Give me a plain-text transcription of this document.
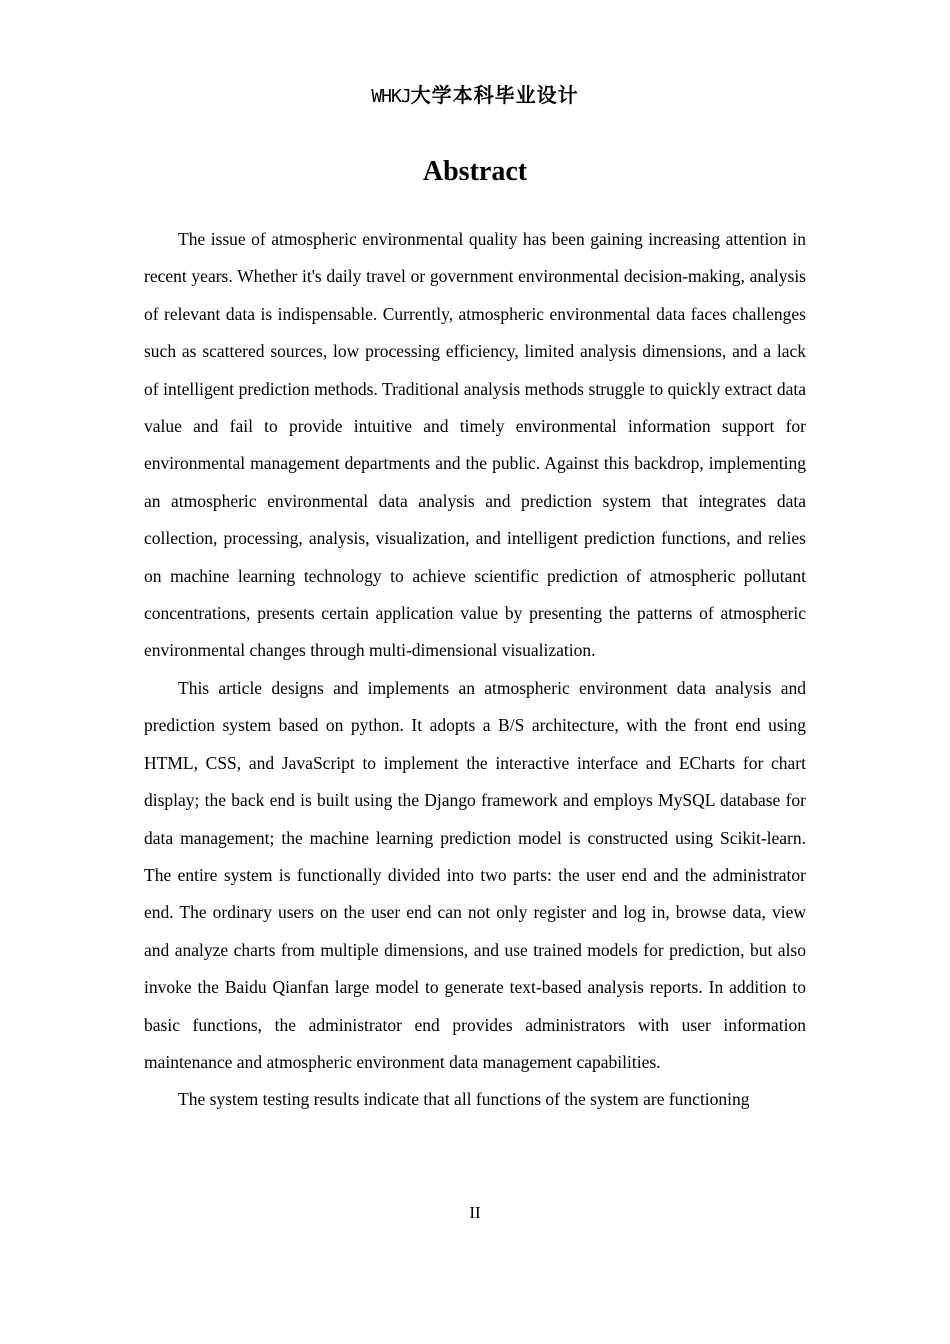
WHKJ大学本科毕业设计
Abstract

The issue of atmospheric environmental quality has been gaining increasing attention in recent years. Whether it's daily travel or government environmental decision-making, analysis of relevant data is indispensable. Currently, atmospheric environmental data faces challenges such as scattered sources, low processing efficiency, limited analysis dimensions, and a lack of intelligent prediction methods. Traditional analysis methods struggle to quickly extract data value and fail to provide intuitive and timely environmental information support for environmental management departments and the public. Against this backdrop, implementing an atmospheric environmental data analysis and prediction system that integrates data collection, processing, analysis, visualization, and intelligent prediction functions, and relies on machine learning technology to achieve scientific prediction of atmospheric pollutant concentrations, presents certain application value by presenting the patterns of atmospheric environmental changes through multi-dimensional visualization.

This article designs and implements an atmospheric environment data analysis and prediction system based on python. It adopts a B/S architecture, with the front end using HTML, CSS, and JavaScript to implement the interactive interface and ECharts for chart display; the back end is built using the Django framework and employs MySQL database for data management; the machine learning prediction model is constructed using Scikit-learn. The entire system is functionally divided into two parts: the user end and the administrator end. The ordinary users on the user end can not only register and log in, browse data, view and analyze charts from multiple dimensions, and use trained models for prediction, but also invoke the Baidu Qianfan large model to generate text-based analysis reports. In addition to basic functions, the administrator end provides administrators with user information maintenance and atmospheric environment data management capabilities.

The system testing results indicate that all functions of the system are functioning

II
